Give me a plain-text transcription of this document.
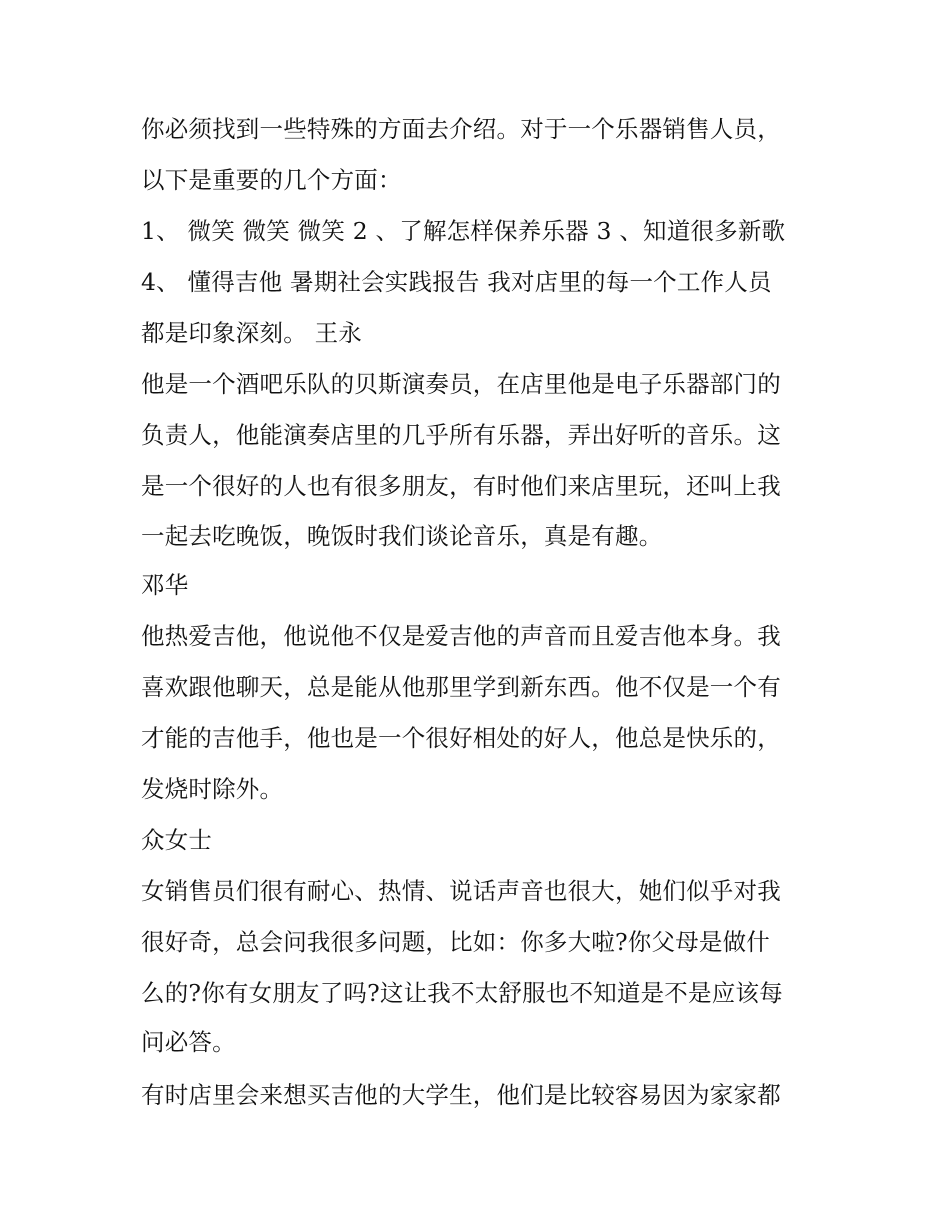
你必须找到一些特殊的方面去介绍。对于一个乐器销售人员，
以下是重要的几个方面：
1、 微笑 微笑 微笑 2 、了解怎样保养乐器 3 、知道很多新歌
4、 懂得吉他 暑期社会实践报告 我对店里的每一个工作人员
都是印象深刻。 王永
他是一个酒吧乐队的贝斯演奏员，在店里他是电子乐器部门的
负责人，他能演奏店里的几乎所有乐器，弄出好听的音乐。这
是一个很好的人也有很多朋友，有时他们来店里玩，还叫上我
一起去吃晚饭，晚饭时我们谈论音乐，真是有趣。
邓华
他热爱吉他，他说他不仅是爱吉他的声音而且爱吉他本身。我
喜欢跟他聊天，总是能从他那里学到新东西。他不仅是一个有
才能的吉他手，他也是一个很好相处的好人，他总是快乐的，
发烧时除外。
众女士
女销售员们很有耐心、热情、说话声音也很大，她们似乎对我
很好奇，总会问我很多问题，比如：你多大啦?你父母是做什
么的?你有女朋友了吗?这让我不太舒服也不知道是不是应该每
问必答。
有时店里会来想买吉他的大学生，他们是比较容易因为家家都
